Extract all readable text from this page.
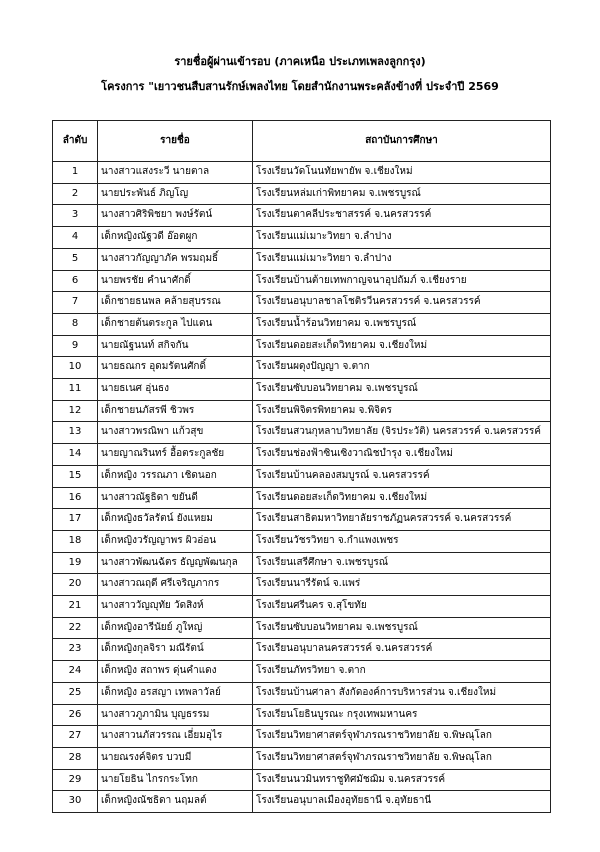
รายชื่อผู้ผ่านเข้ารอบ (ภาคเหนือ ประเภทเพลงลูกกรุง)
โครงการ "เยาวชนสืบสานรักษ์เพลงไทย โดยสำนักงานพระคลังข้างที่ ประจำปี 2569
ลำดับ	รายชื่อ	สถาบันการศึกษา
1	นางสาวแสงระวี นายตาล	โรงเรียนวัดโนนทัยพายัพ จ.เชียงใหม่
2	นายประพันธ์ ภิญโญ	โรงเรียนหล่มเก่าพิทยาคม จ.เพชรบูรณ์
3	นางสาวศิริพิชยา พงษ์รัตน์	โรงเรียนตาคลีประชาสรรค์ จ.นครสวรรค์
4	เด็กหญิงณัฐวดี อ๊อตผูก	โรงเรียนแม่เมาะวิทยา จ.ลำปาง
5	นางสาวกัญญาภัค พรมฤมธิ์	โรงเรียนแม่เมาะวิทยา จ.ลำปาง
6	นายพรชัย คำนาศักดิ์	โรงเรียนบ้านต้ายเทพกาญจนาอุปถัมภ์ จ.เชียงราย
7	เด็กชายธนพล คล้ายสุบรรณ	โรงเรียนอนุบาลชาลโชติรวีนครสวรรค์ จ.นครสวรรค์
8	เด็กชายต้นตระกูล ไปแดน	โรงเรียนน้ำร้อนวิทยาคม จ.เพชรบูรณ์
9	นายณัฐนนท์ สกิจกัน	โรงเรียนดอยสะเก็ดวิทยาคม จ.เชียงใหม่
10	นายธณกร อุดมรัตนศักดิ์	โรงเรียนผดุงปัญญา จ.ตาก
11	นายธเนศ อุ่นธง	โรงเรียนซับบอนวิทยาคม จ.เพชรบูรณ์
12	เด็กชายนภัสรพี ชิวพร	โรงเรียนพิจิตรพิทยาคม จ.พิจิตร
13	นางสาวพรณิพา แก้วสุข	โรงเรียนสวนกุหลาบวิทยาลัย (จิรประวัติ) นครสวรรค์ จ.นครสวรรค์
14	นายญาณรินทร์ อื้อตระกูลชัย	โรงเรียนช่องฟ้าซินเซิงวาณิชบำรุง จ.เชียงใหม่
15	เด็กหญิง วรรณภา เชิดนอก	โรงเรียนบ้านคลองสมบูรณ์ จ.นครสวรรค์
16	นางสาวณัฐธิดา ขยันดี	โรงเรียนดอยสะเก็ดวิทยาคม จ.เชียงใหม่
17	เด็กหญิงธวัลรัตน์ ยังแหยม	โรงเรียนสาธิตมหาวิทยาลัยราชภัฏนครสวรรค์ จ.นครสวรรค์
18	เด็กหญิงวรัญญาพร ผิวอ่อน	โรงเรียนวัชรวิทยา จ.กำแพงเพชร
19	นางสาวพัฒนฉัตร ธัญญพัฒนกุล	โรงเรียนเสรีศึกษา จ.เพชรบูรณ์
20	นางสาวณฤดี ศรีเจริญภากร	โรงเรียนนารีรัตน์ จ.แพร่
21	นางสาววัญญุทัย วัดสิงห์	โรงเรียนศรีนคร จ.สุโขทัย
22	เด็กหญิงอารีนัยย์ ภูใหญ่	โรงเรียนซับบอนวิทยาคม จ.เพชรบูรณ์
23	เด็กหญิงกุลจิรา มณีรัตน์	โรงเรียนอนุบาลนครสวรรค์ จ.นครสวรรค์
24	เด็กหญิง สถาพร ดุ่นคำแดง	โรงเรียนภัทรวิทยา จ.ตาก
25	เด็กหญิง อรสญา เทพลาวัลย์	โรงเรียนบ้านศาลา สังกัดองค์การบริหารส่วน จ.เชียงใหม่
26	นางสาวภูภามิน บุญธรรม	โรงเรียนโยธินบูรณะ กรุงเทพมหานคร
27	นางสาวนภัสวรรณ เอี่ยมอุไร	โรงเรียนวิทยาศาสตร์จุฬาภรณราชวิทยาลัย จ.พิษณุโลก
28	นายณรงค์จิตร บวบมี	โรงเรียนวิทยาศาสตร์จุฬาภรณราชวิทยาลัย จ.พิษณุโลก
29	นายโยธิน ไกรกระโทก	โรงเรียนนวมินทราชูทิศมัชฌิม จ.นครสวรรค์
30	เด็กหญิงณัชธิดา นฤมลต์	โรงเรียนอนุบาลเมืองอุทัยธานี จ.อุทัยธานี
